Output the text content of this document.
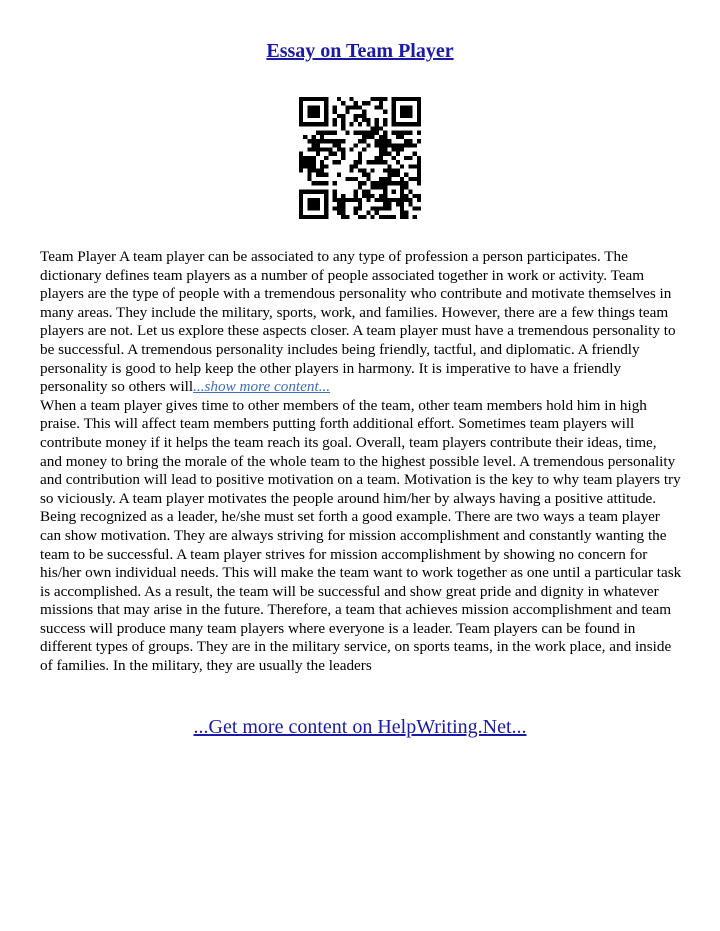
Essay on Team Player

Team Player A team player can be associated to any type of profession a person participates. The dictionary defines team players as a number of people associated together in work or activity. Team players are the type of people with a tremendous personality who contribute and motivate themselves in many areas. They include the military, sports, work, and families. However, there are a few things team players are not. Let us explore these aspects closer. A team player must have a tremendous personality to be successful. A tremendous personality includes being friendly, tactful, and diplomatic. A friendly personality is good to help keep the other players in harmony. It is imperative to have a friendly personality so others will...show more content...

When a team player gives time to other members of the team, other team members hold him in high praise. This will affect team members putting forth additional effort. Sometimes team players will contribute money if it helps the team reach its goal. Overall, team players contribute their ideas, time, and money to bring the morale of the whole team to the highest possible level. A tremendous personality and contribution will lead to positive motivation on a team. Motivation is the key to why team players try so viciously. A team player motivates the people around him/her by always having a positive attitude. Being recognized as a leader, he/she must set forth a good example. There are two ways a team player can show motivation. They are always striving for mission accomplishment and constantly wanting the team to be successful. A team player strives for mission accomplishment by showing no concern for his/her own individual needs. This will make the team want to work together as one until a particular task is accomplished. As a result, the team will be successful and show great pride and dignity in whatever missions that may arise in the future. Therefore, a team that achieves mission accomplishment and team success will produce many team players where everyone is a leader. Team players can be found in different types of groups. They are in the military service, on sports teams, in the work place, and inside of families. In the military, they are usually the leaders

...Get more content on HelpWriting.Net...
